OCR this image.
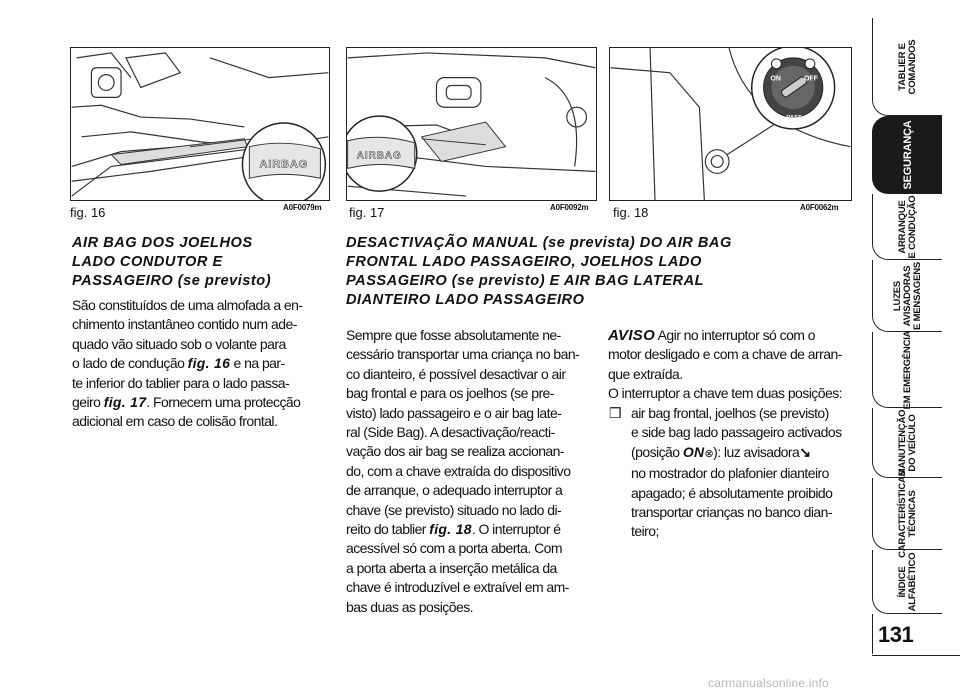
AIRBAG
fig. 16	A0F0079m
AIRBAG
fig. 17	A0F0092m
ON	OFF
PASS.
AIRBAG
fig. 18	A0F0062m
AIR BAG DOS JOELHOS
LADO CONDUTOR E
PASSAGEIRO (se previsto)
São constituídos de uma almofada a en-
chimento instantâneo contido num ade-
quado vão situado sob o volante para
o lado de condução fig. 16 e na par-
te inferior do tablier para o lado passa-
geiro fig. 17. Fornecem uma protecção
adicional em caso de colisão frontal.
DESACTIVAÇÃO MANUAL (se prevista) DO AIR BAG
FRONTAL LADO PASSAGEIRO, JOELHOS LADO
PASSAGEIRO (se previsto) E AIR BAG LATERAL
DIANTEIRO LADO PASSAGEIRO
Sempre que fosse absolutamente ne-
cessário transportar uma criança no ban-
co dianteiro, é possível desactivar o air
bag frontal e para os joelhos (se pre-
visto) lado passageiro e o air bag late-
ral (Side Bag). A desactivação/reacti-
vação dos air bag se realiza accionan-
do, com a chave extraída do dispositivo
de arranque, o adequado interruptor a
chave (se previsto) situado no lado di-
reito do tablier fig. 18. O interruptor é
acessível só com a porta aberta. Com
a porta aberta a inserção metálica da
chave é introduzível e extraível em am-
bas duas as posições.
AVISO Agir no interruptor só com o
motor desligado e com a chave de arran-
que extraída.
O interruptor a chave tem duas posições:
❒ air bag frontal, joelhos (se previsto)
e side bag lado passageiro activados
(posição ON⊗): luz avisadora↘
no mostrador do plafonier dianteiro
apagado; é absolutamente proibido
transportar crianças no banco dian-
teiro;
TABLIER E
COMANDOS
SEGURANÇA
ARRANQUE
E CONDUÇÃO
LUZES
AVISADORAS
E MENSAGENS
EM EMERGÊNCIA
MANUTENÇÃO
DO VEÍCULO
CARACTERÍSTICAS
TÉCNICAS
ÍNDICE
ALFABÉTICO
131
carmanualsonline.info
